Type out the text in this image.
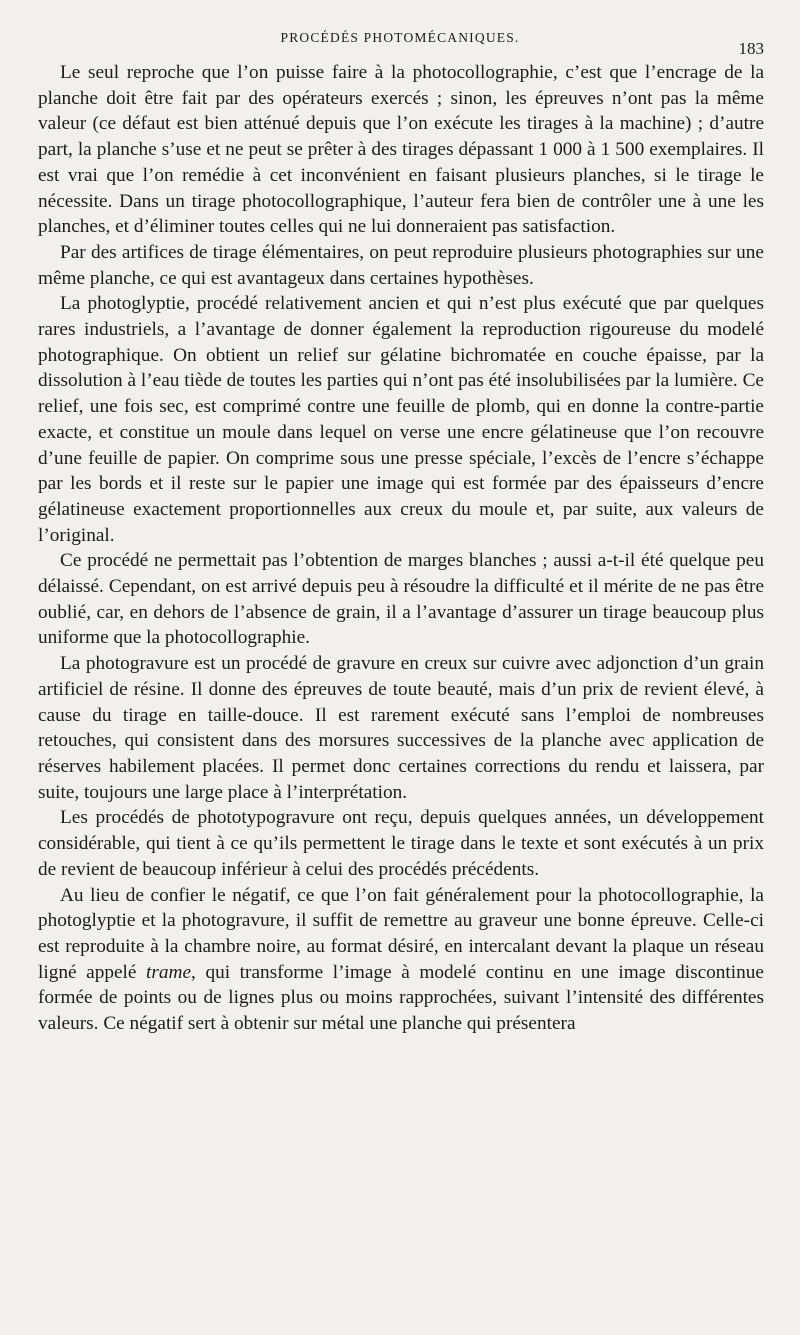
PROCÉDÉS PHOTOMÉCANIQUES.
183

Le seul reproche que l’on puisse faire à la photocollographie, c’est que l’encrage de la planche doit être fait par des opérateurs exercés ; sinon, les épreuves n’ont pas la même valeur (ce défaut est bien atténué depuis que l’on exécute les tirages à la machine) ; d’autre part, la planche s’use et ne peut se prêter à des tirages dépassant 1 000 à 1 500 exemplaires. Il est vrai que l’on remédie à cet inconvénient en faisant plusieurs planches, si le tirage le nécessite. Dans un tirage photocollographique, l’auteur fera bien de contrôler une à une les planches, et d’éliminer toutes celles qui ne lui donneraient pas satisfaction.

Par des artifices de tirage élémentaires, on peut reproduire plusieurs photographies sur une même planche, ce qui est avantageux dans certaines hypothèses.

La photoglyptie, procédé relativement ancien et qui n’est plus exécuté que par quelques rares industriels, a l’avantage de donner également la reproduction rigoureuse du modelé photographique. On obtient un relief sur gélatine bichromatée en couche épaisse, par la dissolution à l’eau tiède de toutes les parties qui n’ont pas été insolubilisées par la lumière. Ce relief, une fois sec, est comprimé contre une feuille de plomb, qui en donne la contre-partie exacte, et constitue un moule dans lequel on verse une encre gélatineuse que l’on recouvre d’une feuille de papier. On comprime sous une presse spéciale, l’excès de l’encre s’échappe par les bords et il reste sur le papier une image qui est formée par des épaisseurs d’encre gélatineuse exactement proportionnelles aux creux du moule et, par suite, aux valeurs de l’original.

Ce procédé ne permettait pas l’obtention de marges blanches ; aussi a-t-il été quelque peu délaissé. Cependant, on est arrivé depuis peu à résoudre la difficulté et il mérite de ne pas être oublié, car, en dehors de l’absence de grain, il a l’avantage d’assurer un tirage beaucoup plus uniforme que la photocollographie.

La photogravure est un procédé de gravure en creux sur cuivre avec adjonction d’un grain artificiel de résine. Il donne des épreuves de toute beauté, mais d’un prix de revient élevé, à cause du tirage en taille-douce. Il est rarement exécuté sans l’emploi de nombreuses retouches, qui consistent dans des morsures successives de la planche avec application de réserves habilement placées. Il permet donc certaines corrections du rendu et laissera, par suite, toujours une large place à l’interprétation.

Les procédés de phototypogravure ont reçu, depuis quelques années, un développement considérable, qui tient à ce qu’ils permettent le tirage dans le texte et sont exécutés à un prix de revient de beaucoup inférieur à celui des procédés précédents.

Au lieu de confier le négatif, ce que l’on fait généralement pour la photocollographie, la photoglyptie et la photogravure, il suffit de remettre au graveur une bonne épreuve. Celle-ci est reproduite à la chambre noire, au format désiré, en intercalant devant la plaque un réseau ligné appelé trame, qui transforme l’image à modelé continu en une image discontinue formée de points ou de lignes plus ou moins rapprochées, suivant l’intensité des différentes valeurs. Ce négatif sert à obtenir sur métal une planche qui présentera
